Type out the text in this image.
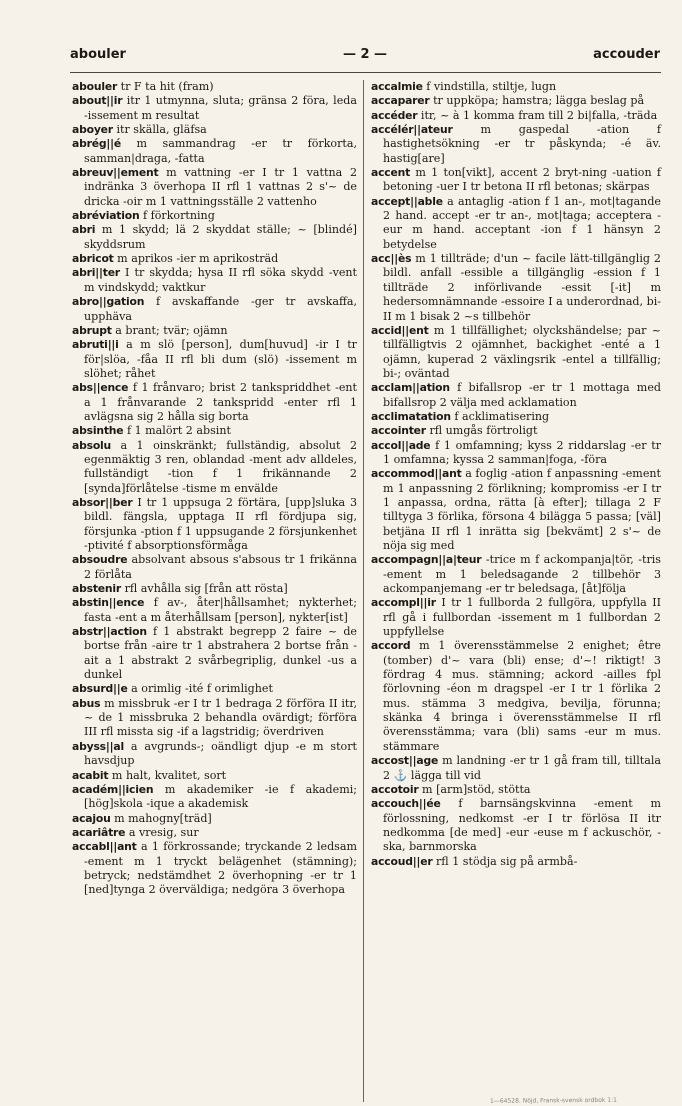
abouler	— 2 —	accouder

abouler tr F ta hit (fram)

about||ir itr 1 utmynna, sluta; gränsa 2 föra, leda -issement m resultat

aboyer itr skälla, gläfsa

abrég||é m sammandrag -er tr förkorta, samman|draga, -fatta

abreuv||ement m vattning -er I tr 1 vattna 2 indränka 3 överhopa II rfl 1 vattnas 2 s'~ de dricka -oir m 1 vattningsställe 2 vattenho

abréviation f förkortning

abri m 1 skydd; lä 2 skyddat ställe; ~ [blindé] skyddsrum

abricot m aprikos -ier m aprikosträd

abri||ter I tr skydda; hysa II rfl söka skydd -vent m vindskydd; vaktkur

abro||gation f avskaffande -ger tr avskaffa, upphäva

abrupt a brant; tvär; ojämn

abruti||i a m slö [person], dum[huvud] -ir I tr för|slöa, -fåa II rfl bli dum (slö) -issement m slöhet; råhet

abs||ence f 1 frånvaro; brist 2 tankspriddhet -ent a 1 frånvarande 2 tankspridd -enter rfl 1 avlägsna sig 2 hålla sig borta

absinthe f 1 malört 2 absint

absolu a 1 oinskränkt; fullständig, absolut 2 egenmäktig 3 ren, oblandad -ment adv alldeles, fullständigt -tion f 1 frikännande 2 [synda]förlåtelse -tisme m envälde

absor||ber I tr 1 uppsuga 2 förtära, [upp]sluka 3 bildl. fängsla, upptaga II rfl fördjupa sig, försjunka -ption f 1 uppsugande 2 försjunkenhet -ptivité f absorptionsförmåga

absoudre absolvant absous s'absous tr 1 frikänna 2 förlåta

abstenir rfl avhålla sig [från att rösta]

abstin||ence f av-, åter|hållsamhet; nykterhet; fasta -ent a m återhållsam [person], nykter[ist]

abstr||action f 1 abstrakt begrepp 2 faire ~ de bortse från -aire tr 1 abstrahera 2 bortse från -ait a 1 abstrakt 2 svårbegriplig, dunkel -us a dunkel

absurd||e a orimlig -ité f orimlighet

abus m missbruk -er I tr 1 bedraga 2 förföra II itr, ~ de 1 missbruka 2 behandla ovärdigt; förföra III rfl missta sig -if a lagstridig; överdriven

abyss||al a avgrunds-; oändligt djup -e m stort havsdjup

acabit m halt, kvalitet, sort

académ||icien m akademiker -ie f akademi; [hög]skola -ique a akademisk

acajou m mahogny[träd]

acariâtre a vresig, sur

accabl||ant a 1 förkrossande; tryckande 2 ledsam -ement m 1 tryckt belägenhet (stämning); betryck; nedstämdhet 2 överhopning -er tr 1 [ned]tynga 2 överväldiga; nedgöra 3 överhopa

accalmie f vindstilla, stiltje, lugn

accaparer tr uppköpa; hamstra; lägga beslag på

accéder itr, ~ à 1 komma fram till 2 bi|falla, -träda

accélér||ateur	m gaspedal -ation f hastighetsökning -er tr påskynda; -é äv. hastig[are]

accent m 1 ton[vikt], accent 2 bryt-ning -uation f betoning -uer I tr betona II rfl betonas; skärpas

accept||able a antaglig -ation f 1 an-, mot|tagande 2 hand. accept -er tr an-, mot|taga; acceptera -eur m hand. acceptant -ion f 1 hänsyn 2 betydelse

acc||ès m 1 tillträde; d'un ~ facile lätt-tillgänglig 2 bildl. anfall -essible a tillgänglig -ession f 1 tillträde 2 införlivande -essit [-it] m hedersomnämnande -essoire I a underordnad, bi- II m 1 bisak 2 ~s tillbehör

accid||ent m 1 tillfällighet; olyckshändelse; par ~ tillfälligtvis 2 ojämnhet, backighet -enté a 1 ojämn, kuperad 2 växlingsrik -entel a tillfällig; bi-; oväntad

acclam||ation f bifallsrop -er tr 1 mottaga med bifallsrop 2 välja med acklamation

acclimatation f acklimatisering

accointer rfl umgås förtroligt

accol||ade f 1 omfamning; kyss 2 riddarslag -er tr 1 omfamna; kyssa 2 samman|foga, -föra

accommod||ant a foglig -ation f anpassning -ement m 1 anpassning 2 förlikning; kompromiss -er I tr 1 anpassa, ordna, rätta [à efter]; tillaga 2 F tilltyga 3 förlika, försona 4 bilägga 5 passa; [väl] betjäna II rfl 1 inrätta sig [bekvämt] 2 s'~ de nöja sig med

accompagn||a|teur -trice m f ackompanja|tör, -tris -ement m 1 beledsagande 2 tillbehör 3 ackompanjemang -er tr beledsaga, [åt]följa

accompl||ir I tr 1 fullborda 2 fullgöra, uppfylla II rfl gå i fullbordan -issement m 1 fullbordan 2 uppfyllelse

accord m 1 överensstämmelse 2 enighet; être (tomber) d'~ vara (bli) ense; d'~! riktigt! 3 fördrag 4 mus. stämning; ackord -ailles fpl förlovning -éon m dragspel -er I tr 1 förlika 2 mus. stämma 3 medgiva, bevilja, förunna; skänka 4 bringa i överensstämmelse II rfl överensstämma; vara (bli) sams -eur m mus. stämmare

accost||age m landning -er tr 1 gå fram till, tilltala 2 ⚓ lägga till vid

accotoir m [arm]stöd, stötta

accouch||ée f barnsängskvinna -ement m förlossning, nedkomst -er I tr förlösa II itr nedkomma [de med] -eur -euse m f ackuschör, -ska, barnmorska

accoud||er rfl 1 stödja sig på armbå-

1—64528. Nöjd, Fransk-svensk ordbok 1:1
